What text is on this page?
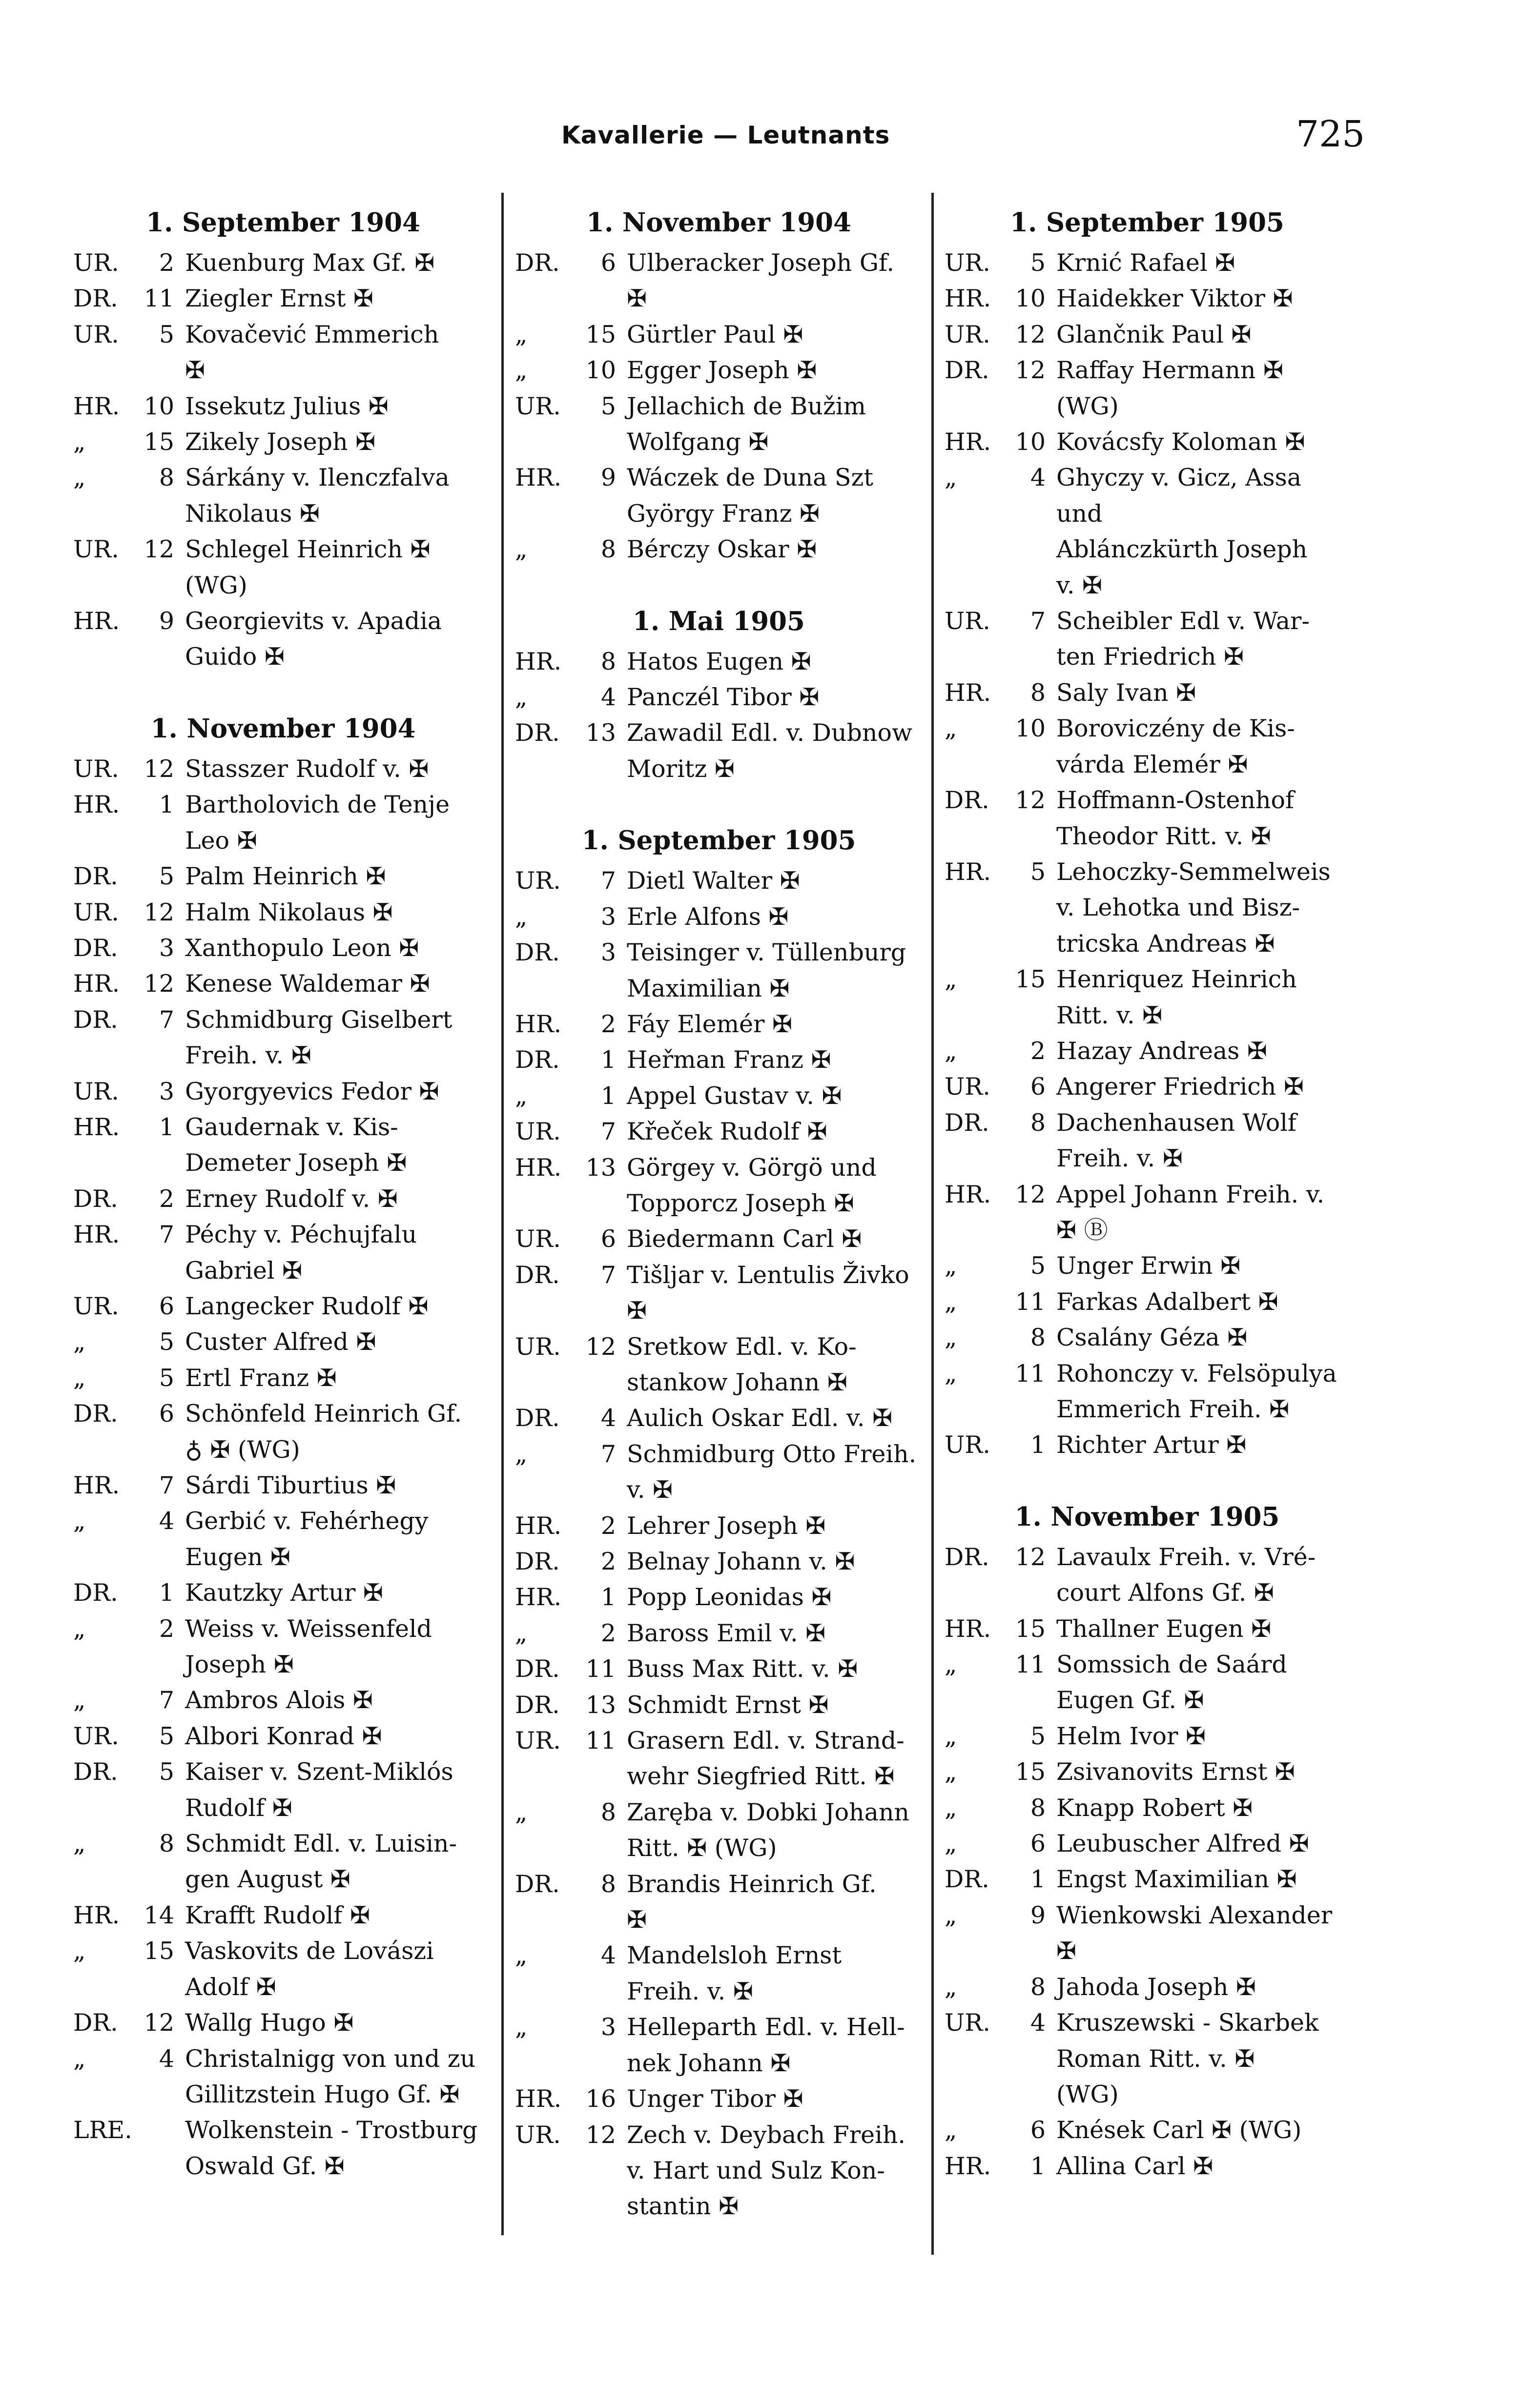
Kavallerie — Leutnants	725
1. September 1904
UR.	2 Kuenburg Max Gf. ✠
DR.	11 Ziegler Ernst ✠
UR.	5 Kovačević Emmerich
✠
HR.	10 Issekutz Julius ✠
„	15 Zikely Joseph ✠
„	8 Sárkány v. Ilenczfalva
Nikolaus ✠
UR.	12 Schlegel Heinrich ✠
(WG)
HR.	9 Georgievits v. Apadia
Guido ✠
1. November 1904
UR.	12 Stasszer Rudolf v. ✠
HR.	1 Bartholovich de Tenje
Leo ✠
DR.	5 Palm Heinrich ✠
UR.	12 Halm Nikolaus ✠
DR.	3 Xanthopulo Leon ✠
HR.	12 Kenese Waldemar ✠
DR.	7 Schmidburg Giselbert
Freih. v. ✠
UR.	3 Gyorgyevics Fedor ✠
HR.	1 Gaudernak v. Kis-
Demeter Joseph ✠
DR.	2 Erney Rudolf v. ✠
HR.	7 Péchy v. Péchujfalu
Gabriel ✠
UR.	6 Langecker Rudolf ✠
„	5 Custer Alfred ✠
„	5 Ertl Franz ✠
DR.	6 Schönfeld Heinrich Gf.
♁ ✠ (WG)
HR.	7 Sárdi Tiburtius ✠
„	4 Gerbić v. Fehérhegy
Eugen ✠
DR.	1 Kautzky Artur ✠
„	2 Weiss v. Weissenfeld
Joseph ✠
„	7 Ambros Alois ✠
UR.	5 Albori Konrad ✠
DR.	5 Kaiser v. Szent-Miklós
Rudolf ✠
„	8 Schmidt Edl. v. Luisin-
gen August ✠
HR.	14 Krafft Rudolf ✠
„	15 Vaskovits de Lovászi
Adolf ✠
DR.	12 Wallg Hugo ✠
„	4 Christalnigg von und zu
Gillitzstein Hugo Gf. ✠
LRE. Wolkenstein - Trostburg
Oswald Gf. ✠
1. November 1904
DR.	6 Ulberacker Joseph Gf.
✠
„	15 Gürtler Paul ✠
„	10 Egger Joseph ✠
UR.	5 Jellachich de Bužim
Wolfgang ✠
HR.	9 Wáczek de Duna Szt
György Franz ✠
„	8 Bérczy Oskar ✠
1. Mai 1905
HR.	8 Hatos Eugen ✠
„	4 Panczél Tibor ✠
DR.	13 Zawadil Edl. v. Dubnow
Moritz ✠
1. September 1905
UR.	7 Dietl Walter ✠
„	3 Erle Alfons ✠
DR.	3 Teisinger v. Tüllenburg
Maximilian ✠
HR.	2 Fáy Elemér ✠
DR.	1 Heřman Franz ✠
„	1 Appel Gustav v. ✠
UR.	7 Křeček Rudolf ✠
HR.	13 Görgey v. Görgö und
Topporcz Joseph ✠
UR.	6 Biedermann Carl ✠
DR.	7 Tišljar v. Lentulis Živko
✠
UR.	12 Sretkow Edl. v. Ko-
stankow Johann ✠
DR.	4 Aulich Oskar Edl. v. ✠
„	7 Schmidburg Otto Freih.
v. ✠
HR.	2 Lehrer Joseph ✠
DR.	2 Belnay Johann v. ✠
HR.	1 Popp Leonidas ✠
„	2 Baross Emil v. ✠
DR.	11 Buss Max Ritt. v. ✠
DR.	13 Schmidt Ernst ✠
UR.	11 Grasern Edl. v. Strand-
wehr Siegfried Ritt. ✠
„	8 Zaręba v. Dobki Johann
Ritt. ✠ (WG)
DR.	8 Brandis Heinrich Gf.
✠
„	4 Mandelsloh Ernst
Freih. v. ✠
„	3 Helleparth Edl. v. Hell-
nek Johann ✠
HR.	16 Unger Tibor ✠
UR.	12 Zech v. Deybach Freih.
v. Hart und Sulz Kon-
stantin ✠
1. September 1905
UR.	5 Krnić Rafael ✠
HR.	10 Haidekker Viktor ✠
UR.	12 Glančnik Paul ✠
DR.	12 Raffay Hermann ✠
(WG)
HR.	10 Kovácsfy Koloman ✠
„	4 Ghyczy v. Gicz, Assa und
Ablánczkürth Joseph
v. ✠
UR.	7 Scheibler Edl v. War-
ten Friedrich ✠
HR.	8 Saly Ivan ✠
„	10 Boroviczény de Kis-
várda Elemér ✠
DR.	12 Hoffmann-Ostenhof
Theodor Ritt. v. ✠
HR.	5 Lehoczky-Semmelweis
v. Lehotka und Bisz-
tricska Andreas ✠
„	15 Henriquez Heinrich
Ritt. v. ✠
„	2 Hazay Andreas ✠
UR.	6 Angerer Friedrich ✠
DR.	8 Dachenhausen Wolf
Freih. v. ✠
HR.	12 Appel Johann Freih. v.
✠ Ⓑ
„	5 Unger Erwin ✠
„	11 Farkas Adalbert ✠
„	8 Csalány Géza ✠
„	11 Rohonczy v. Felsöpulya
Emmerich Freih. ✠
UR.	1 Richter Artur ✠
1. November 1905
DR.	12 Lavaulx Freih. v. Vré-
court Alfons Gf. ✠
HR.	15 Thallner Eugen ✠
„	11 Somssich de Saárd
Eugen Gf. ✠
„	5 Helm Ivor ✠
„	15 Zsivanovits Ernst ✠
„	8 Knapp Robert ✠
„	6 Leubuscher Alfred ✠
DR.	1 Engst Maximilian ✠
„	9 Wienkowski Alexander
✠
„	8 Jahoda Joseph ✠
UR.	4 Kruszewski - Skarbek
Roman Ritt. v. ✠
(WG)
„	6 Knések Carl ✠ (WG)
HR.	1 Allina Carl ✠
